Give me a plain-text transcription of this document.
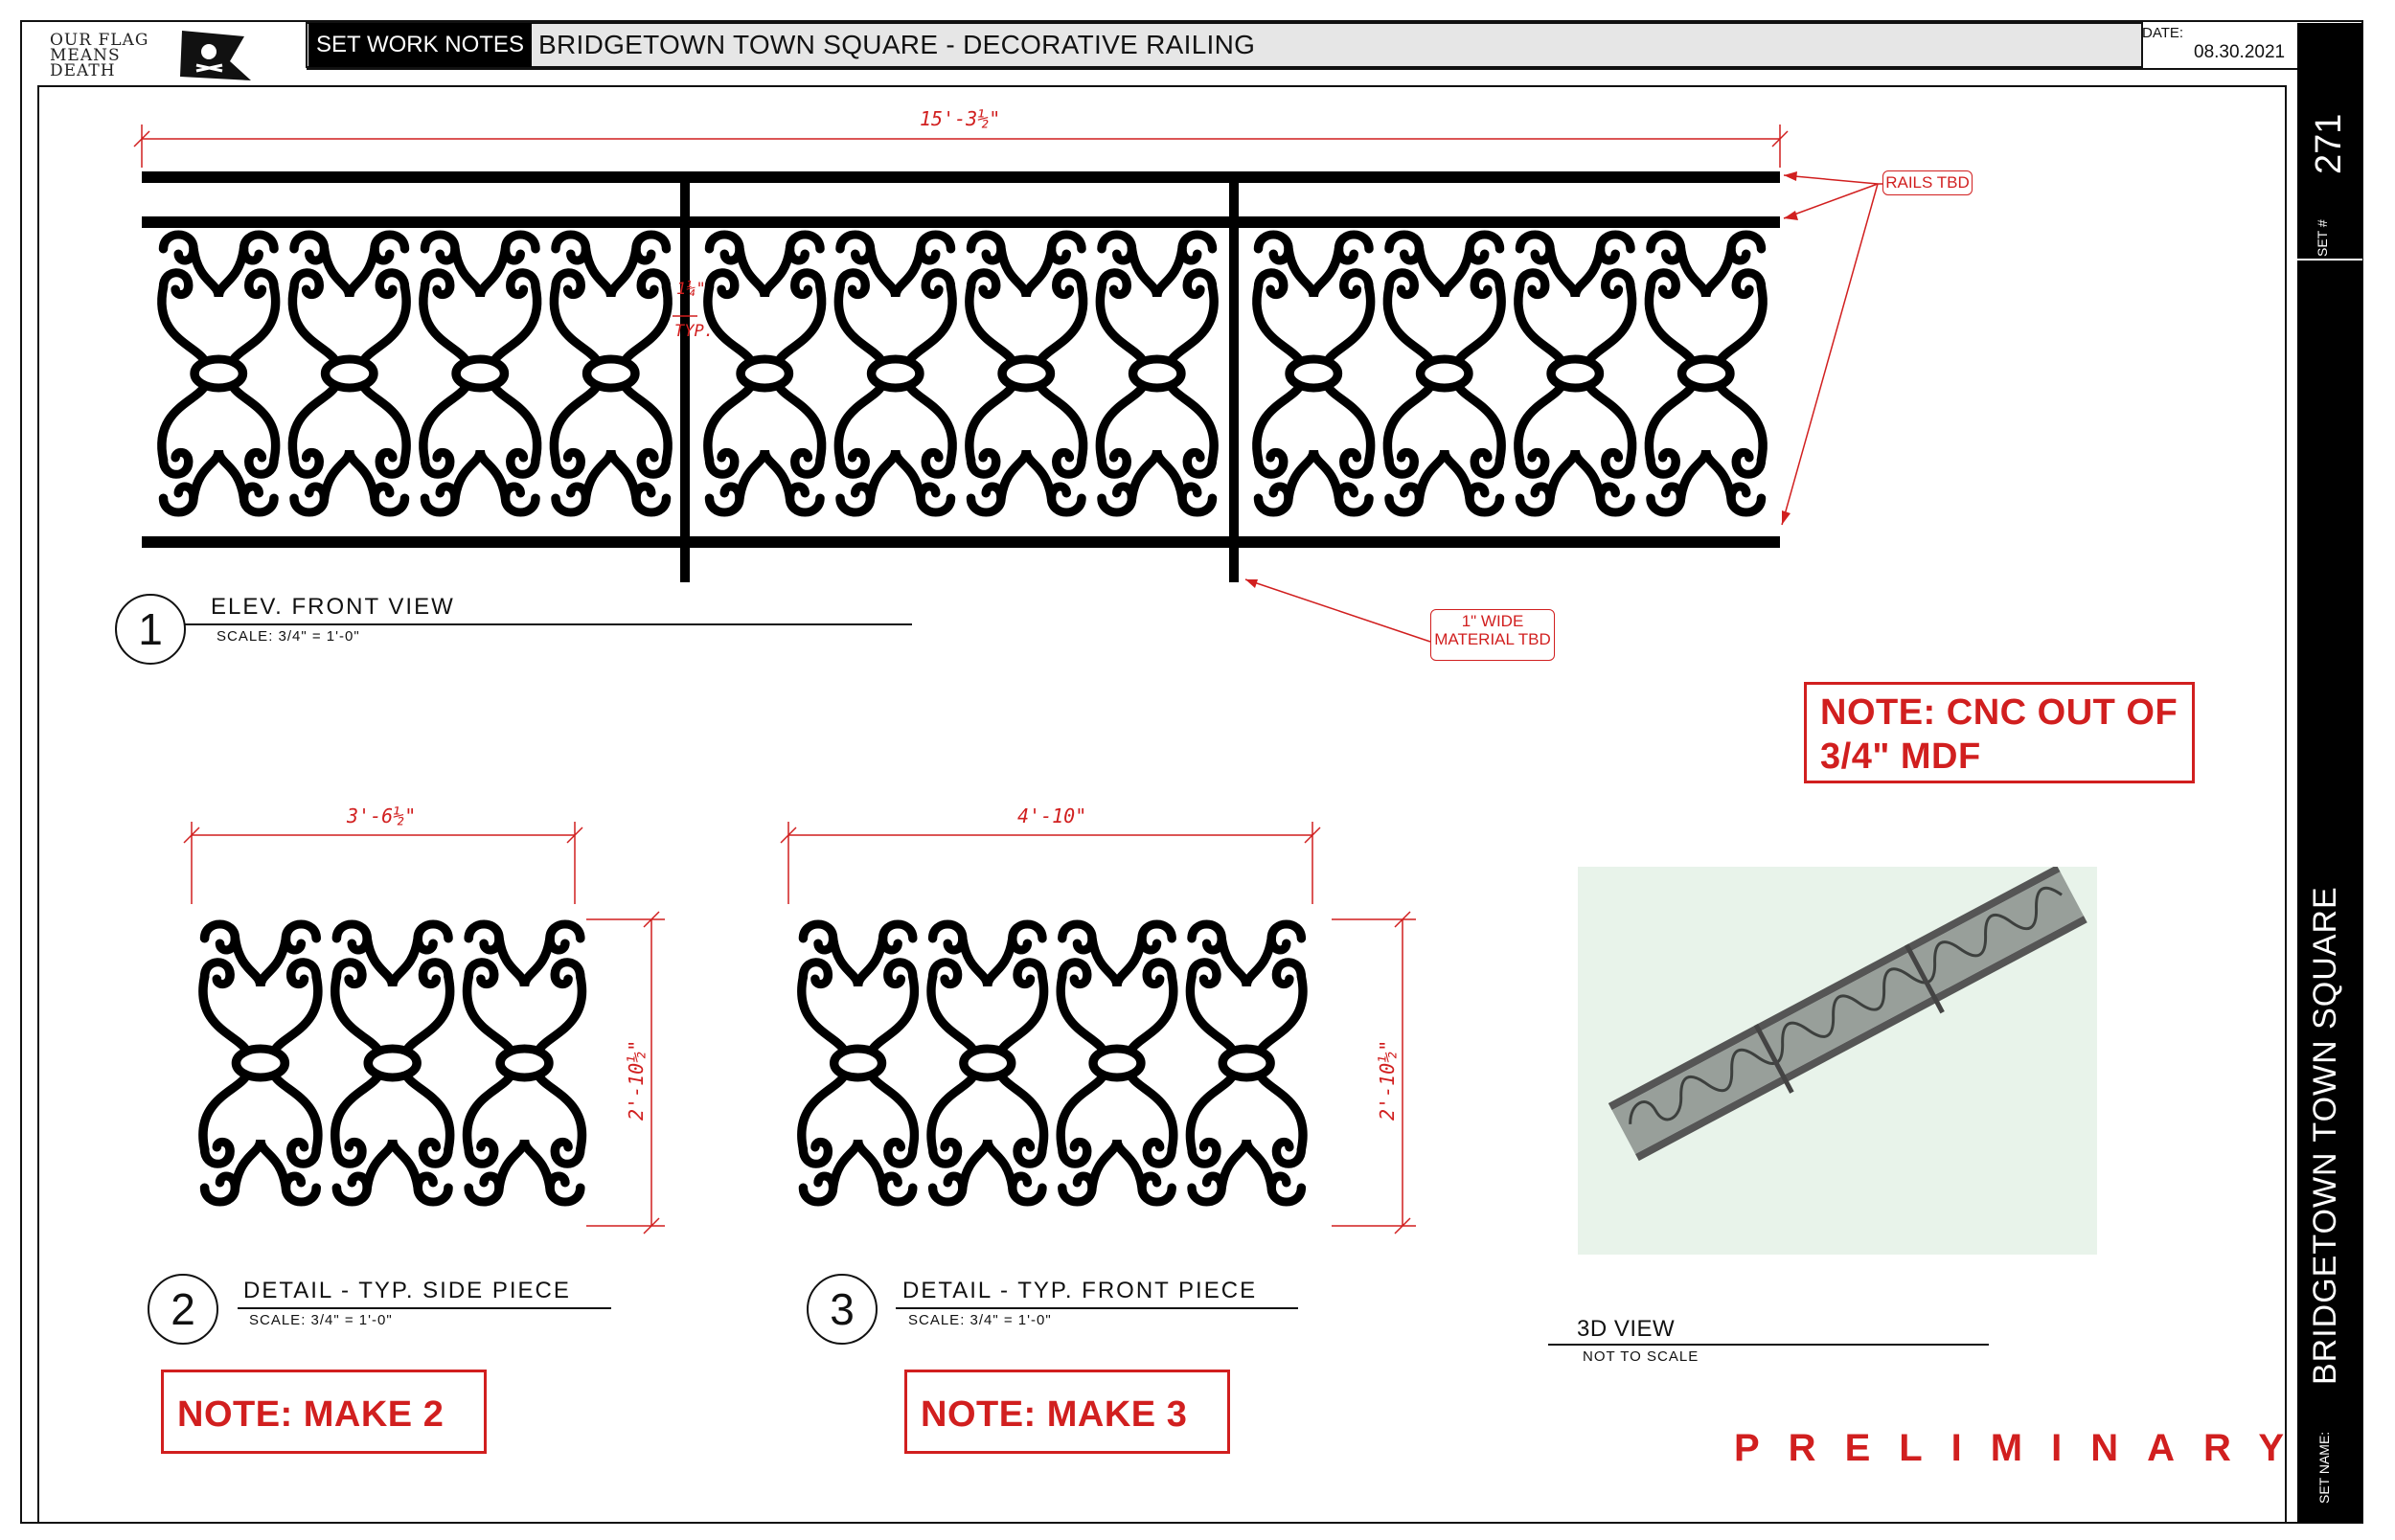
OUR FLAG MEANS DEATH
SET WORK NOTES BRIDGETOWN TOWN SQUARE - DECORATIVE RAILING	DATE:
08.30.2021
271
SET #
BRIDGETOWN TOWN SQUARE
SET NAME:
15'-3½"
1¼"
TYP.
3'-6½"
2'-10½"
4'-10"
2'-10½"
RAILS TBD
1" WIDE
MATERIAL TBD
1	ELEV. FRONT VIEW
SCALE: 3/4" = 1'-0"
2	DETAIL - TYP. SIDE PIECE
SCALE: 3/4" = 1'-0"	3	DETAIL - TYP. FRONT PIECE
SCALE: 3/4" = 1'-0"	3D VIEW
NOT TO SCALE
NOTE: CNC OUT OF
3/4" MDF
NOTE: MAKE 2	NOTE: MAKE 3
PRELIMINARY
